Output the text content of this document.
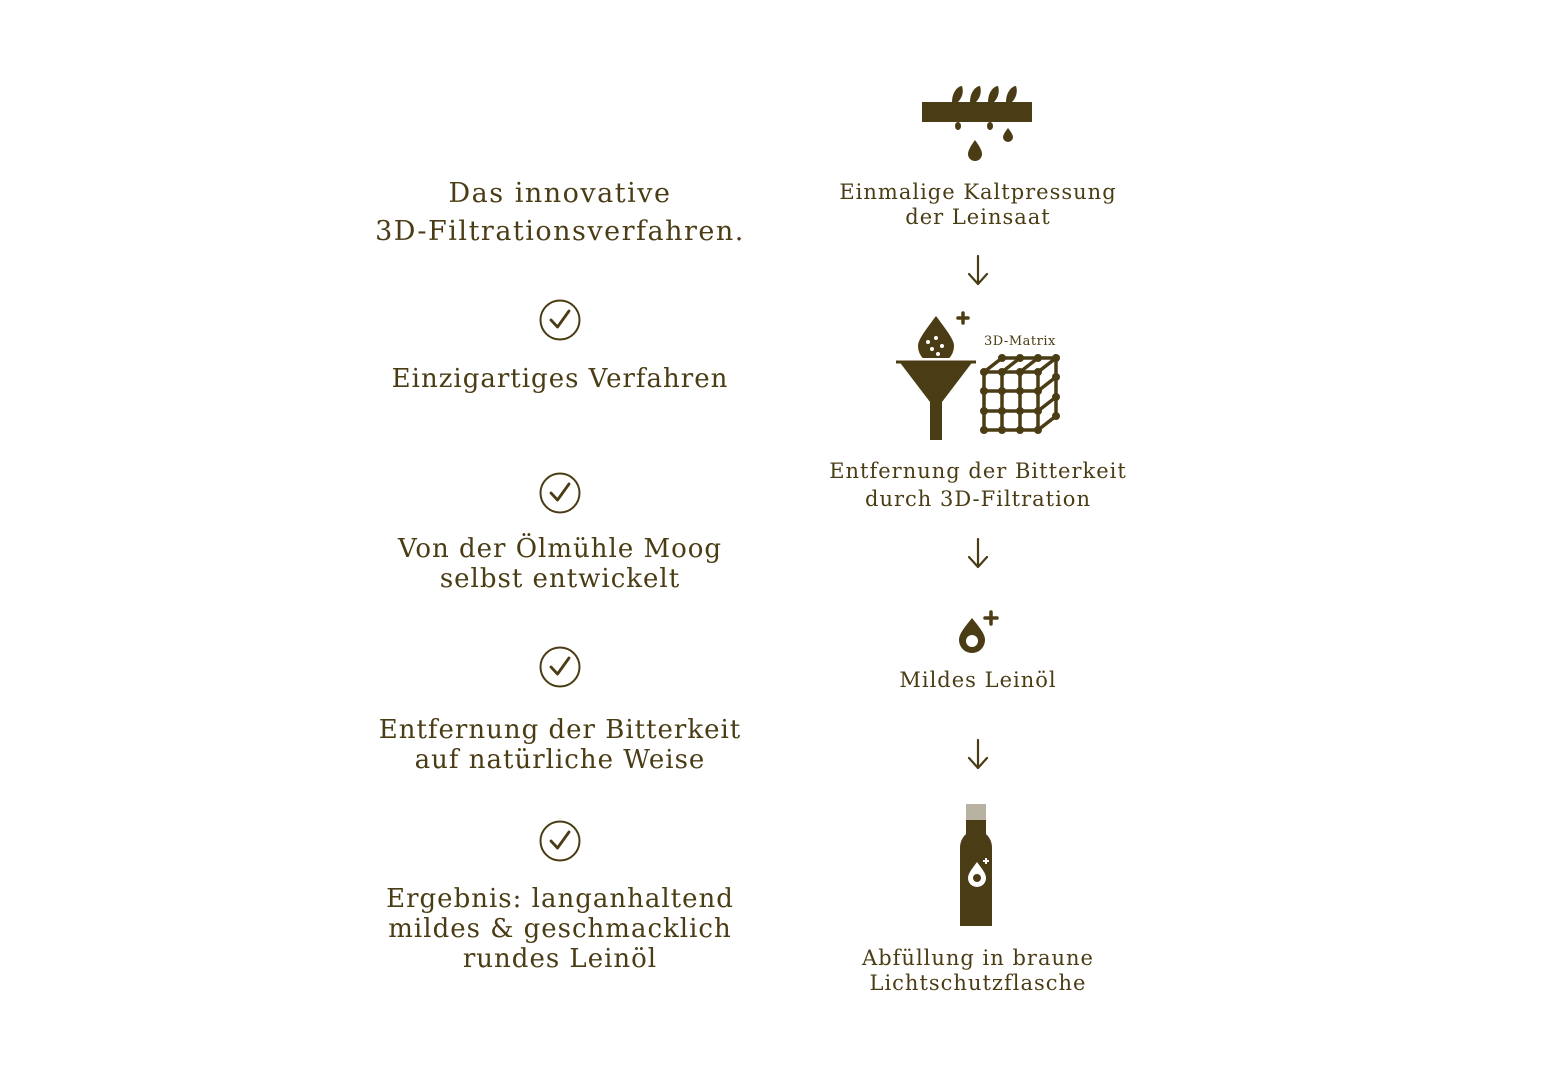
Das innovative
3D-Filtrationsverfahren.
Einzigartiges Verfahren
Von der Ölmühle Moog
selbst entwickelt
Entfernung der Bitterkeit
auf natürliche Weise
Ergebnis: langanhaltend
mildes & geschmacklich
rundes Leinöl
Einmalige Kaltpressung
der Leinsaat
3D-Matrix
Entfernung der Bitterkeit
durch 3D-Filtration
Mildes Leinöl
Abfüllung in braune
Lichtschutzflasche
